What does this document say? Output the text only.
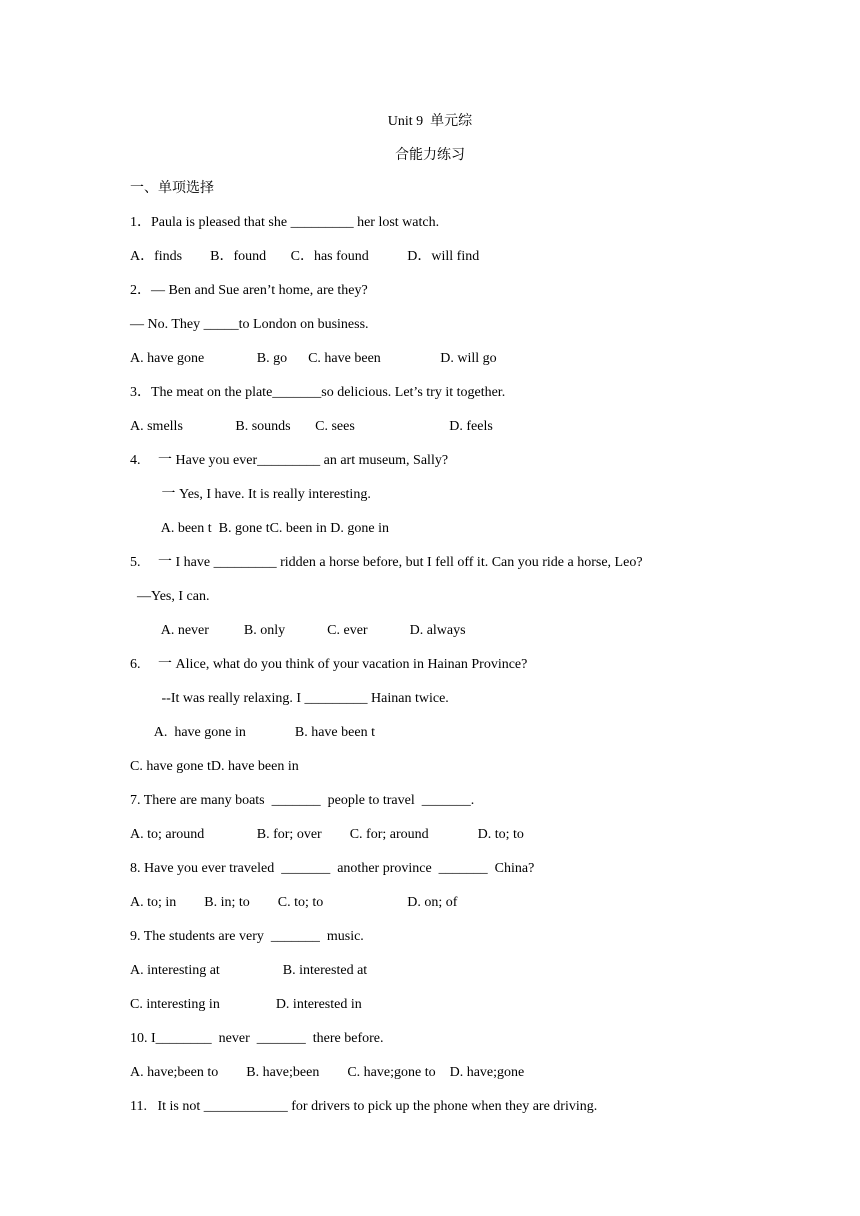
Unit 9  单元综
合能力练习
一、单项选择
1．Paula is pleased that she _________ her lost watch.
A．finds        B．found       C．has found           D．will find
2．— Ben and Sue aren’t home, are they?
— No. They _____to London on business.
A. have gone               B. go      C. have been                 D. will go
3．The meat on the plate_______so delicious. Let’s try it together.
A. smells               B. sounds       C. sees                           D. feels
4.     一 Have you ever_________ an art museum, Sally?
一 Yes, I have. It is really interesting.
A. been t  B. gone tC. been in D. gone in
5.     一 I have _________ ridden a horse before, but I fell off it. Can you ride a horse, Leo?
—Yes, I can.
A. never          B. only            C. ever            D. always
6.     一 Alice, what do you think of your vacation in Hainan Province?
--It was really relaxing. I _________ Hainan twice.
A.  have gone in              B. have been t
C. have gone tD. have been in
7. There are many boats  _______  people to travel  _______.
A. to; around               B. for; over        C. for; around              D. to; to
8. Have you ever traveled  _______  another province  _______  China?
A. to; in        B. in; to        C. to; to                        D. on; of
9. The students are very  _______  music.
A. interesting at                  B. interested at
C. interesting in                D. interested in
10. I________  never  _______  there before.
A. have;been to        B. have;been        C. have;gone to    D. have;gone
11.   It is not ____________ for drivers to pick up the phone when they are driving.
